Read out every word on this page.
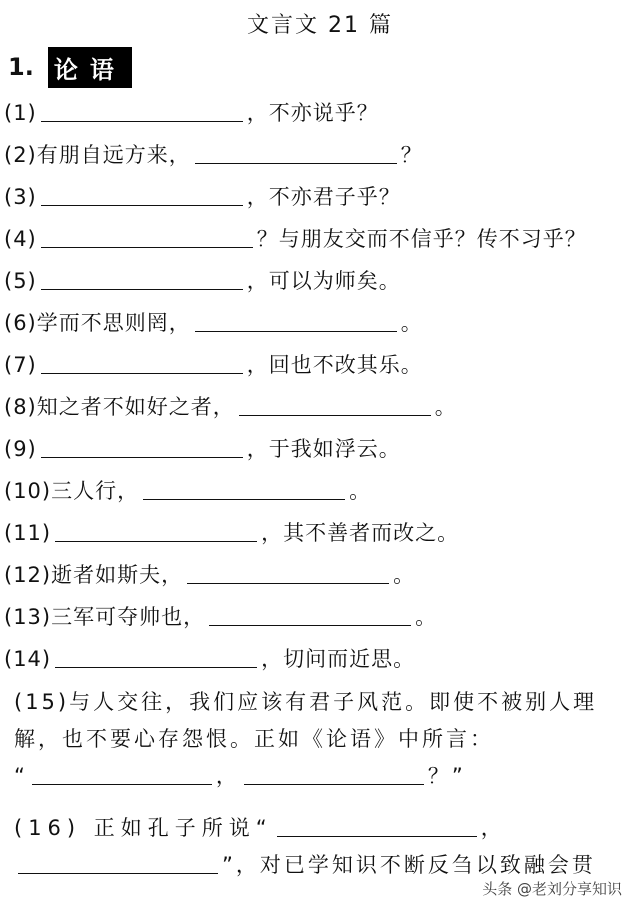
文言文 21 篇
1. 论语
(1)	，不亦说乎？
(2)有朋自远方来，	？
(3)	，不亦君子乎？
(4)	？与朋友交而不信乎？传不习乎？
(5)	，可以为师矣。
(6)学而不思则罔，	。
(7)	，回也不改其乐。
(8)知之者不如好之者，	。
(9)	，于我如浮云。
(10)三人行，	。
(11)	，其不善者而改之。
(12)逝者如斯夫，	。
(13)三军可夺帅也，	。
(14)	，切问而近思。
(15)与人交往，我们应该有君子风范。即使不被别人理
解，也不要心存怨恨。正如《论语》中所言：
“	，	？”
(16) 正如孔子所说“	，
”，对已学知识不断反刍以致融会贯
头条 @老刘分享知识
